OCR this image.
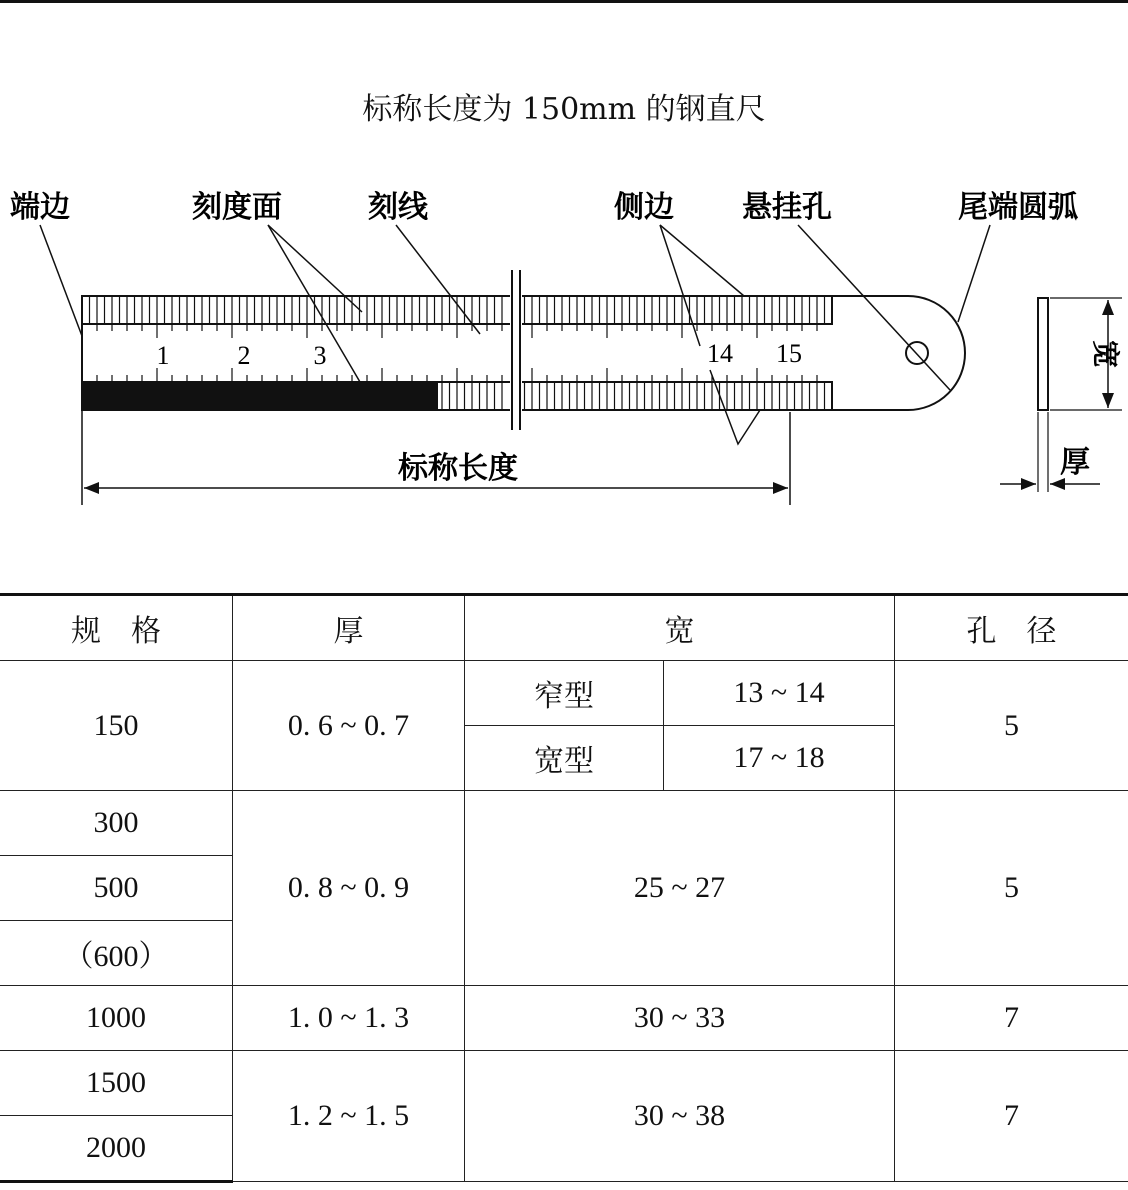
标称长度为 150mm 的钢直尺
1	2 3	14 15
端边	刻度面	刻线	侧边 悬挂孔	尾端圆弧
标称长度
宽
厚
规　格	厚	宽		孔　径
150	0. 6 ~ 0. 7	窄型	13 ~ 14	5
		宽型	17 ~ 18	
300	0. 8 ~ 0. 9	25 ~ 27		5
500				
（600）				
1000	1. 0 ~ 1. 3	30 ~ 33		7
1500	1. 2 ~ 1. 5	30 ~ 38		7
2000				
